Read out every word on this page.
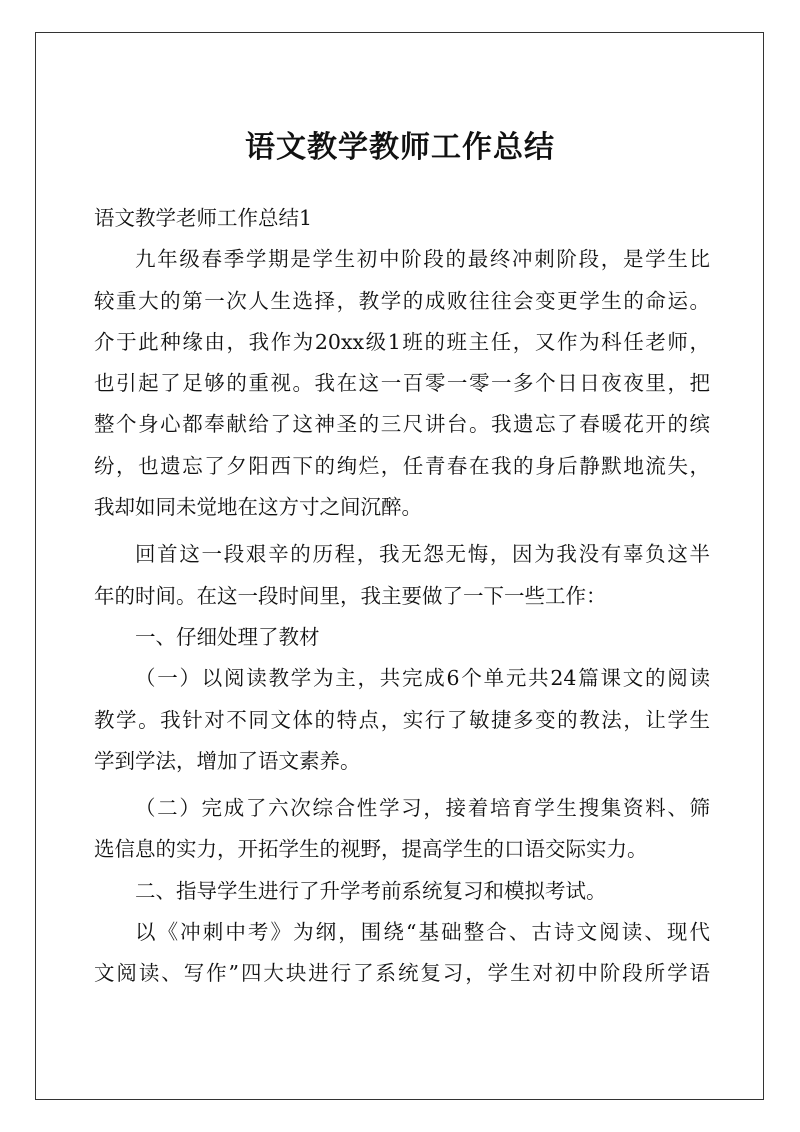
语文教学教师工作总结
语文教学老师工作总结1
九年级春季学期是学生初中阶段的最终冲刺阶段，是学生比
较重大的第一次人生选择，教学的成败往往会变更学生的命运。
介于此种缘由，我作为20xx级1班的班主任，又作为科任老师，
也引起了足够的重视。我在这一百零一零一多个日日夜夜里，把
整个身心都奉献给了这神圣的三尺讲台。我遗忘了春暖花开的缤
纷，也遗忘了夕阳西下的绚烂，任青春在我的身后静默地流失，
我却如同未觉地在这方寸之间沉醉。
回首这一段艰辛的历程，我无怨无悔，因为我没有辜负这半
年的时间。在这一段时间里，我主要做了一下一些工作：
一、仔细处理了教材
（一）以阅读教学为主，共完成6个单元共24篇课文的阅读
教学。我针对不同文体的特点，实行了敏捷多变的教法，让学生
学到学法，增加了语文素养。
（二）完成了六次综合性学习，接着培育学生搜集资料、筛
选信息的实力，开拓学生的视野，提高学生的口语交际实力。
二、指导学生进行了升学考前系统复习和模拟考试。
以《冲刺中考》为纲，围绕“基础整合、古诗文阅读、现代
文阅读、写作”四大块进行了系统复习，学生对初中阶段所学语
